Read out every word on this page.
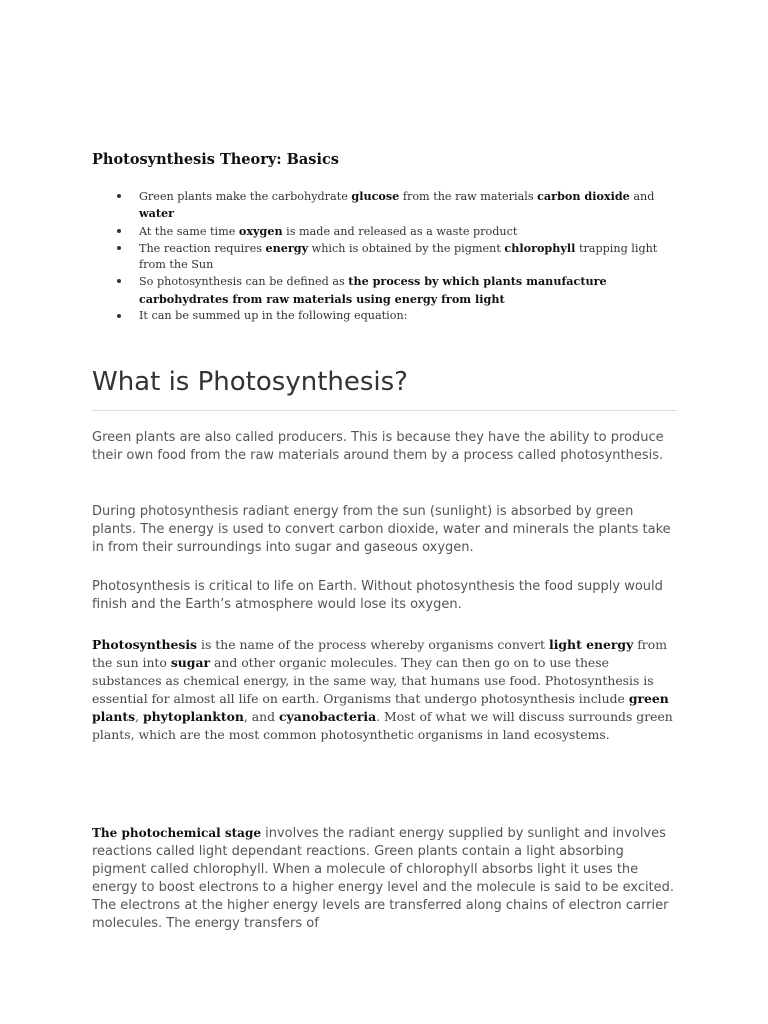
Photosynthesis Theory: Basics
Green plants make the carbohydrate glucose from the raw materials carbon dioxide and water
At the same time oxygen is made and released as a waste product
The reaction requires energy which is obtained by the pigment chlorophyll trapping light from the Sun
So photosynthesis can be defined as the process by which plants manufacture carbohydrates from raw materials using energy from light
It can be summed up in the following equation:
What is Photosynthesis?

Green plants are also called producers. This is because they have the ability to produce their own food from the raw materials around them by a process called photosynthesis.

During photosynthesis radiant energy from the sun (sunlight) is absorbed by green plants. The energy is used to convert carbon dioxide, water and minerals the plants take in from their surroundings into sugar and gaseous oxygen.

Photosynthesis is critical to life on Earth. Without photosynthesis the food supply would finish and the Earth’s atmosphere would lose its oxygen.

Photosynthesis is the name of the process whereby organisms convert light energy from the sun into sugar and other organic molecules. They can then go on to use these substances as chemical energy, in the same way, that humans use food. Photosynthesis is essential for almost all life on earth. Organisms that undergo photosynthesis include green plants, phytoplankton, and cyanobacteria. Most of what we will discuss surrounds green plants, which are the most common photosynthetic organisms in land ecosystems.

The photochemical stage involves the radiant energy supplied by sunlight and involves reactions called light dependant reactions. Green plants contain a light absorbing pigment called chlorophyll. When a molecule of chlorophyll absorbs light it uses the energy to boost electrons to a higher energy level and the molecule is said to be excited. The electrons at the higher energy levels are transferred along chains of electron carrier molecules. The energy transfers of
